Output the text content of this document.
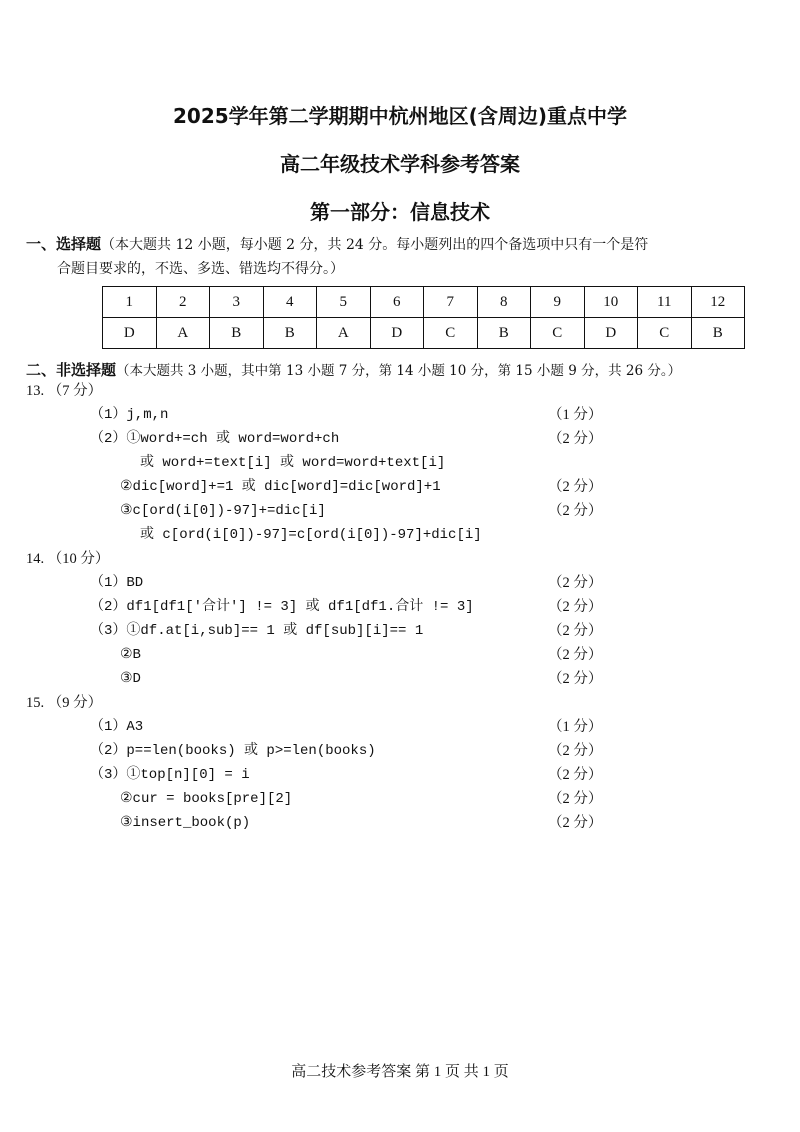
2025学年第二学期期中杭州地区(含周边)重点中学
高二年级技术学科参考答案
第一部分：信息技术
一、选择题（本大题共 12 小题，每小题 2 分，共 24 分。每小题列出的四个备选项中只有一个是符
合题目要求的，不选、多选、错选均不得分。）
1	2	3	4	5	6	7	8	9	10	11	12
D	A	B	B	A	D	C	B	C	D	C	B
二、非选择题（本大题共 3 小题，其中第 13 小题 7 分，第 14 小题 10 分，第 15 小题 9 分，共 26 分。）
13. （7 分）
（1）j,m,n	（1 分）
（2）①word+=ch 或 word=word+ch	（2 分）
或 word+=text[i] 或 word=word+text[i]
②dic[word]+=1 或 dic[word]=dic[word]+1	（2 分）
③c[ord(i[0])-97]+=dic[i]	（2 分）
或 c[ord(i[0])-97]=c[ord(i[0])-97]+dic[i]
14. （10 分）
（1）BD	（2 分）
（2）df1[df1['合计'] != 3] 或 df1[df1.合计 != 3]	（2 分）
（3）①df.at[i,sub]== 1 或 df[sub][i]== 1	（2 分）
②B	（2 分）
③D	（2 分）
15. （9 分）
（1）A3	（1 分）
（2）p==len(books) 或 p>=len(books)	（2 分）
（3）①top[n][0] = i	（2 分）
②cur = books[pre][2]	（2 分）
③insert_book(p)	（2 分）
高二技术参考答案 第 1 页 共 1 页
